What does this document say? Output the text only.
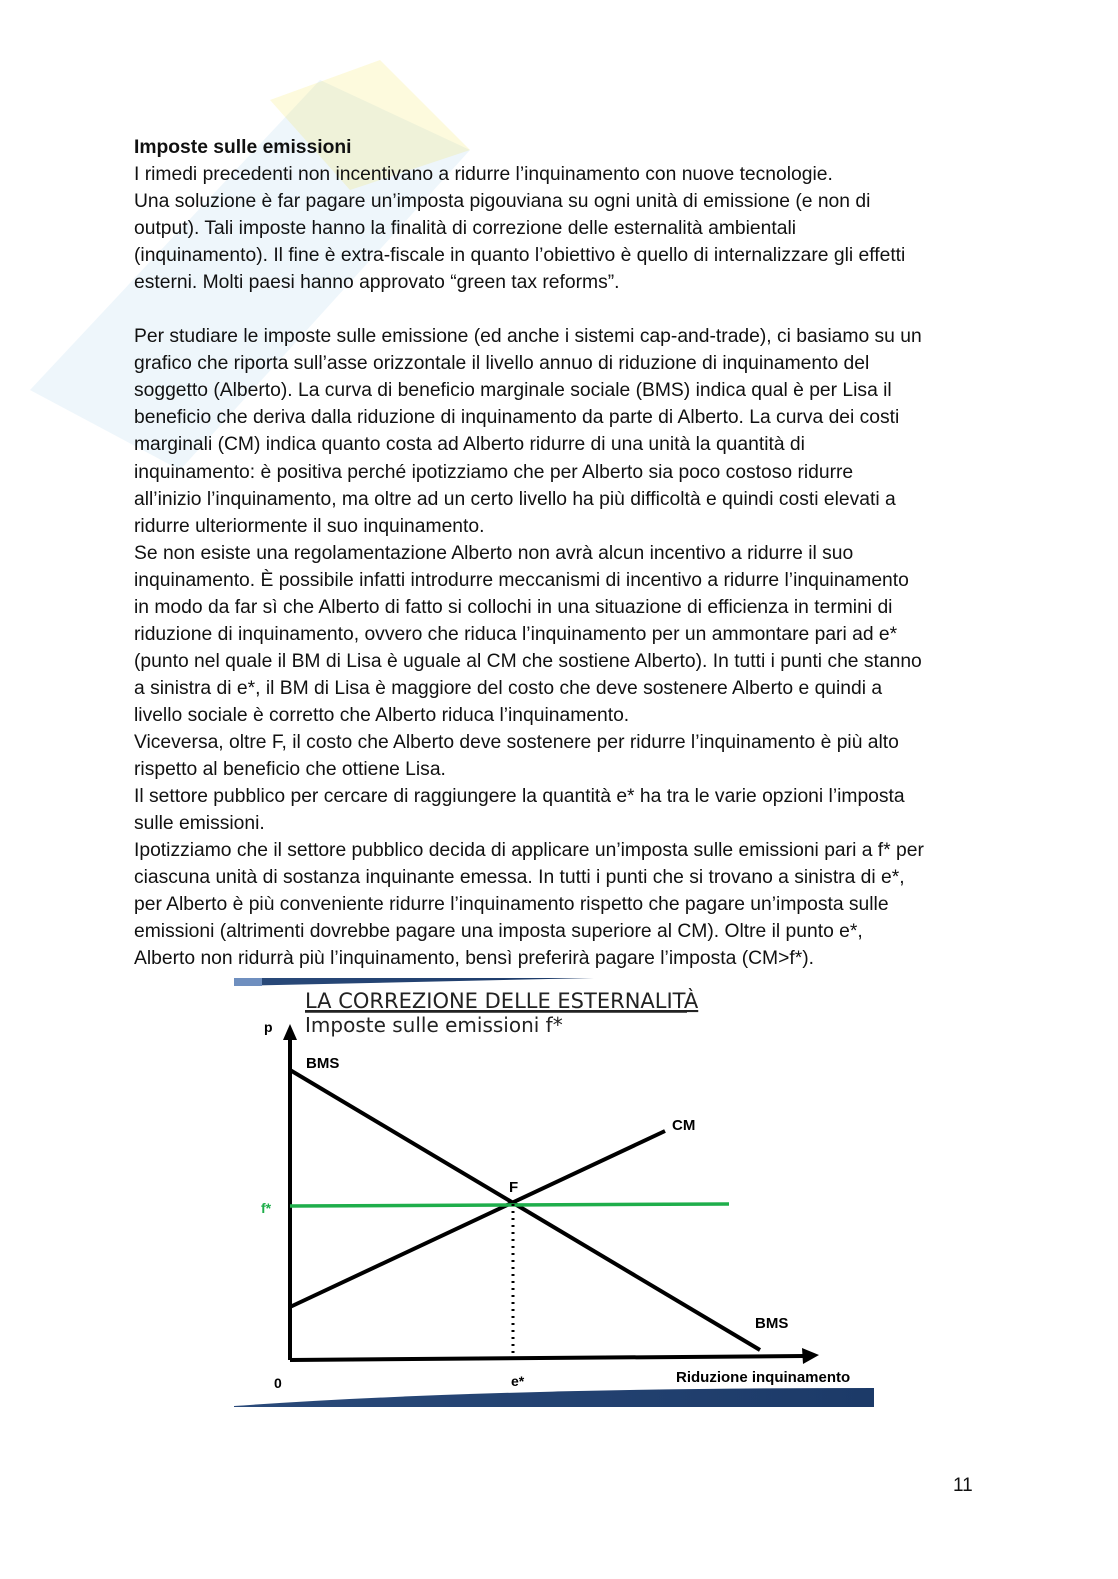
Imposte sulle emissioni
I rimedi precedenti non incentivano a ridurre l’inquinamento con nuove tecnologie.
Una soluzione è far pagare un’imposta pigouviana su ogni unità di emissione (e non di
output). Tali imposte hanno la finalità di correzione delle esternalità ambientali
(inquinamento). Il fine è extra-fiscale in quanto l’obiettivo è quello di internalizzare gli effetti
esterni. Molti paesi hanno approvato “green tax reforms”.
Per studiare le imposte sulle emissione (ed anche i sistemi cap-and-trade), ci basiamo su un
grafico che riporta sull’asse orizzontale il livello annuo di riduzione di inquinamento del
soggetto (Alberto). La curva di beneficio marginale sociale (BMS) indica qual è per Lisa il
beneficio che deriva dalla riduzione di inquinamento da parte di Alberto. La curva dei costi
marginali (CM) indica quanto costa ad Alberto ridurre di una unità la quantità di
inquinamento: è positiva perché ipotizziamo che per Alberto sia poco costoso ridurre
all’inizio l’inquinamento, ma oltre ad un certo livello ha più difficoltà e quindi costi elevati a
ridurre ulteriormente il suo inquinamento.
Se non esiste una regolamentazione Alberto non avrà alcun incentivo a ridurre il suo
inquinamento. È possibile infatti introdurre meccanismi di incentivo a ridurre l’inquinamento
in modo da far sì che Alberto di fatto si collochi in una situazione di efficienza in termini di
riduzione di inquinamento, ovvero che riduca l’inquinamento per un ammontare pari ad e*
(punto nel quale il BM di Lisa è uguale al CM che sostiene Alberto). In tutti i punti che stanno
a sinistra di e*, il BM di Lisa è maggiore del costo che deve sostenere Alberto e quindi a
livello sociale è corretto che Alberto riduca l’inquinamento.
Viceversa, oltre F, il costo che Alberto deve sostenere per ridurre l’inquinamento è più alto
rispetto al beneficio che ottiene Lisa.
Il settore pubblico per cercare di raggiungere la quantità e* ha tra le varie opzioni l’imposta
sulle emissioni.
Ipotizziamo che il settore pubblico decida di applicare un’imposta sulle emissioni pari a f* per
ciascuna unità di sostanza inquinante emessa. In tutti i punti che si trovano a sinistra di e*,
per Alberto è più conveniente ridurre l’inquinamento rispetto che pagare un’imposta sulle
emissioni (altrimenti dovrebbe pagare una imposta superiore al CM). Oltre il punto e*,
Alberto non ridurrà più l’inquinamento, bensì preferirà pagare l’imposta (CM>f*).
LA CORREZIONE DELLE ESTERNALITÀ
Imposte sulle emissioni f*
p
BMS
CM
F
f*
BMS
0	e*	Riduzione inquinamento
11
